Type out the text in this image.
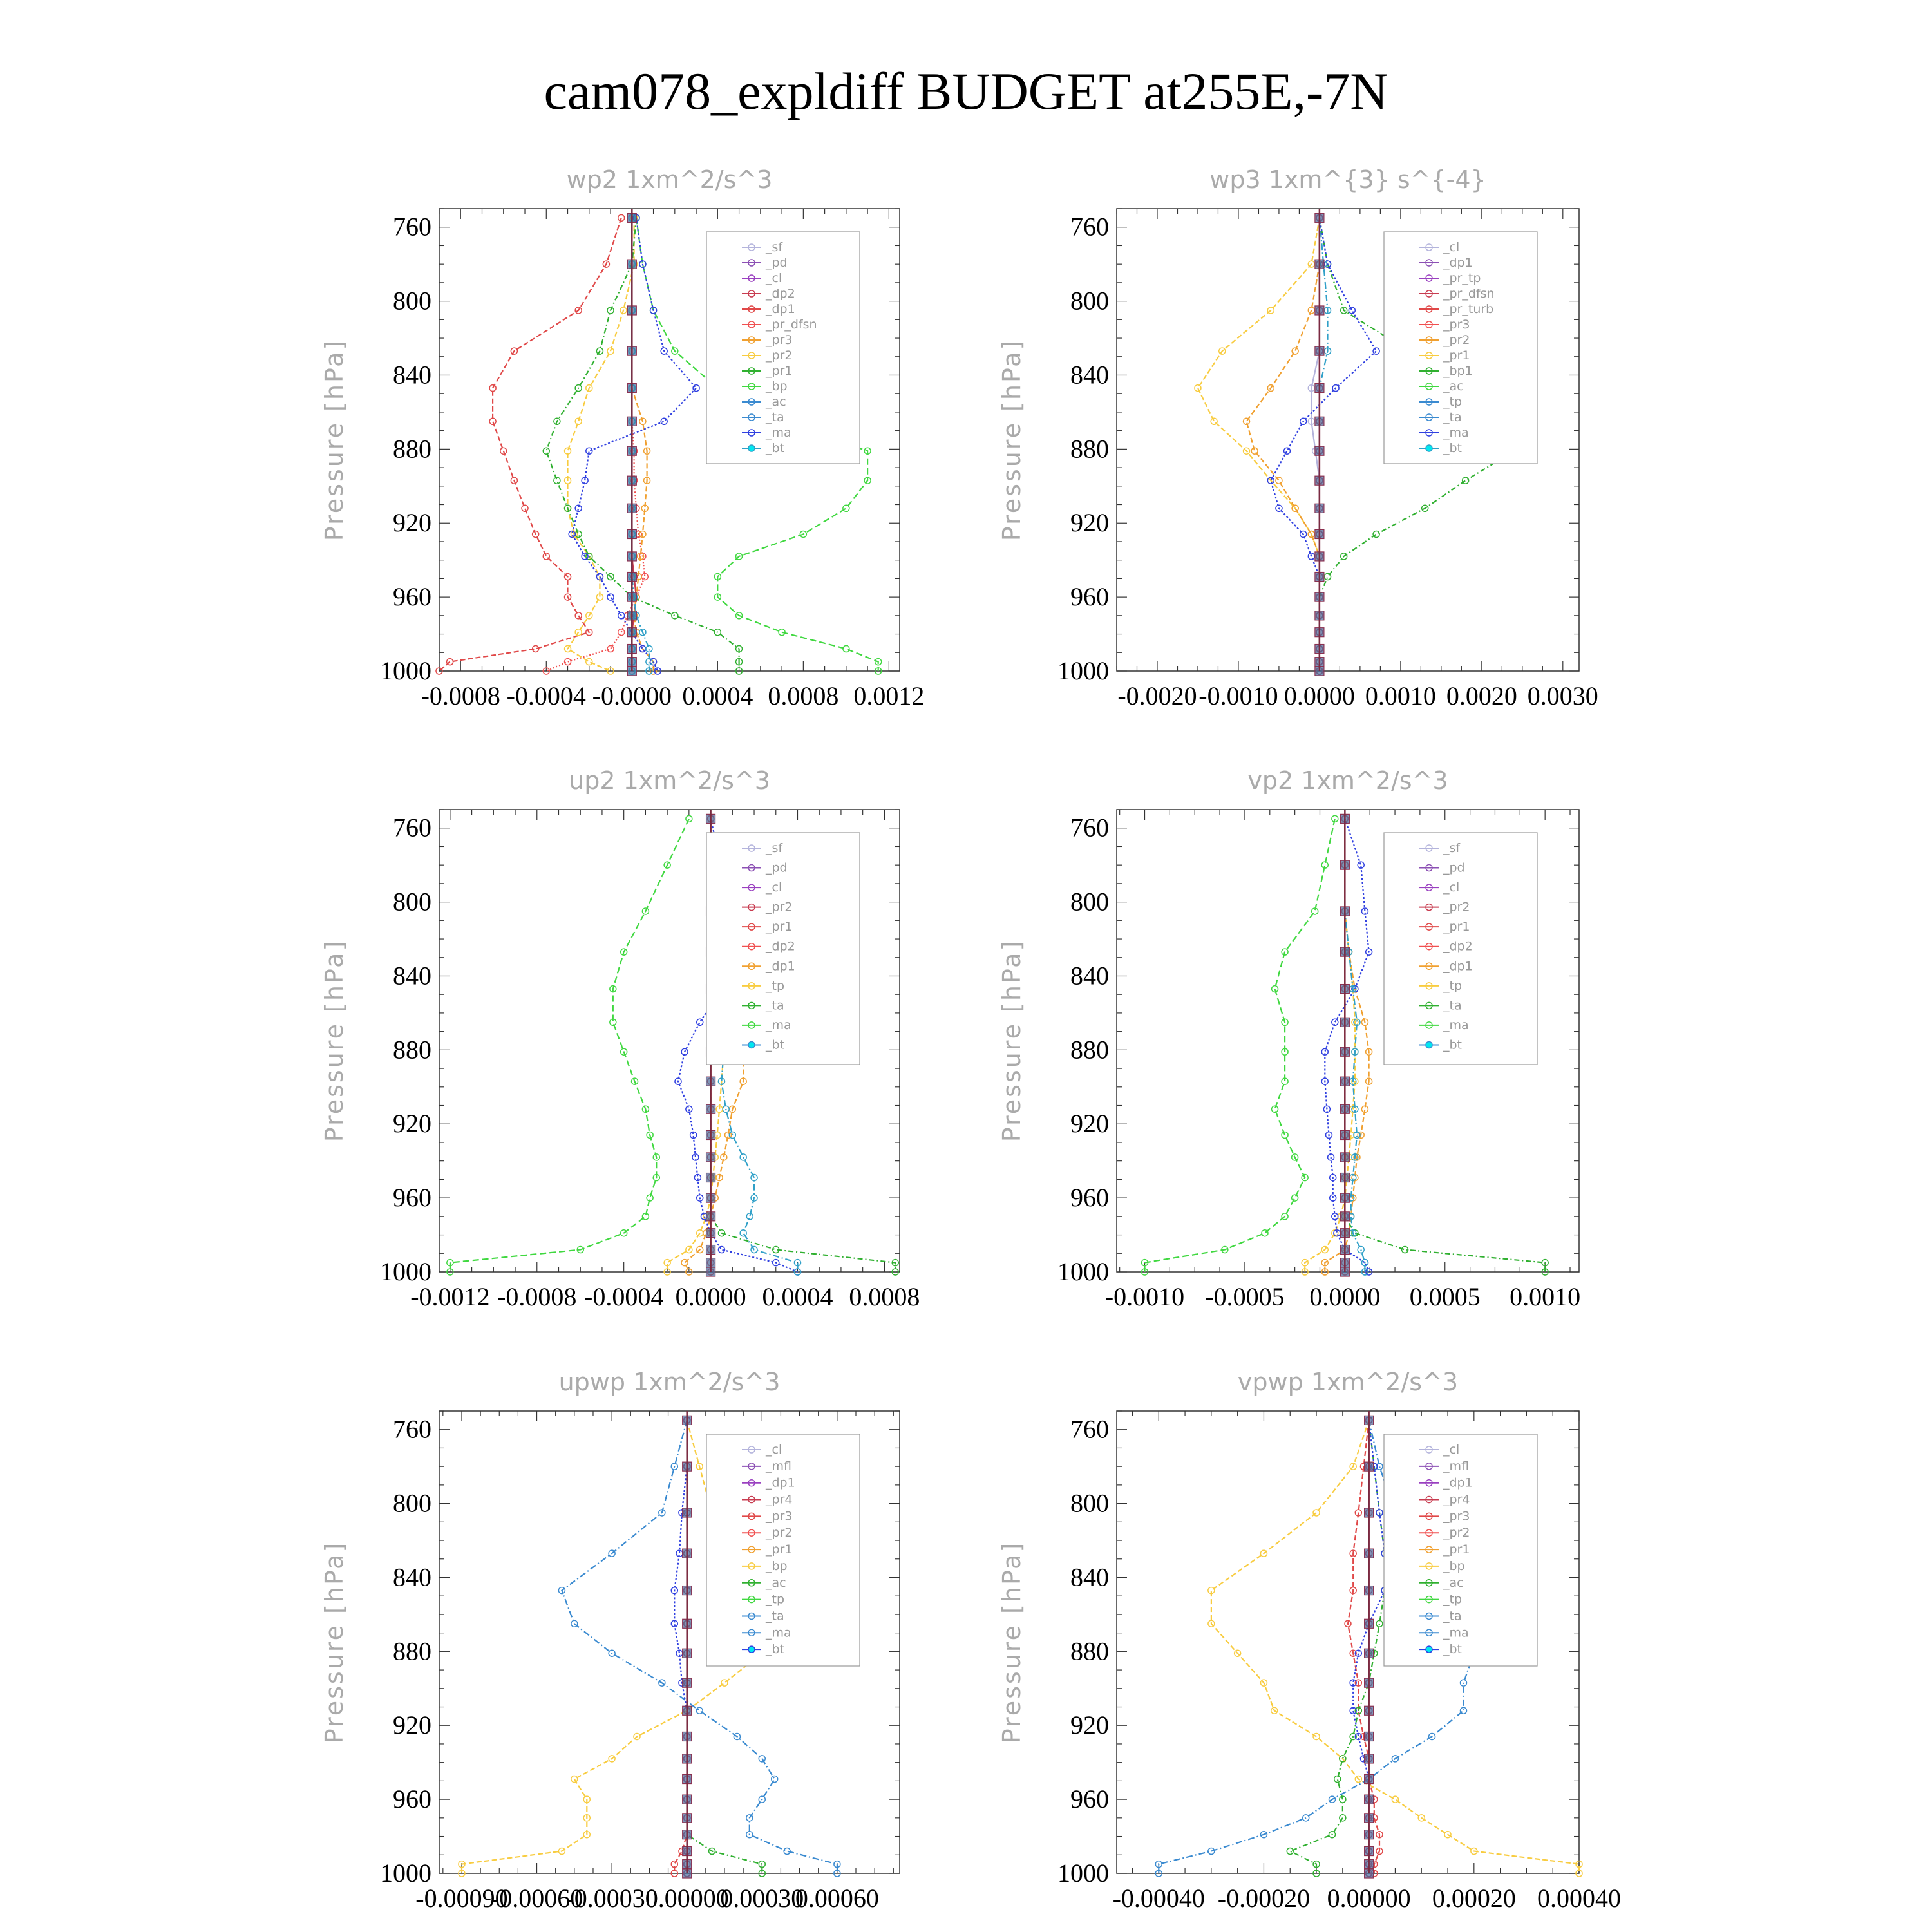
cam078_expldiff BUDGET at255E,-7N
wp2 1xm^2/s^3
Pressure [hPa]
760
800
840
880
920
960
1000
-0.0008 -0.0004 -0.0000 0.0004 0.0008 0.0012
_sf
_pd
_cl
_dp2
_dp1
_pr_dfsn
_pr3
_pr2
_pr1
_bp
_ac
_ta
_ma
_bt
wp3 1xm^{3} s^{-4}
Pressure [hPa]
760
800
840
880
920
960
1000
-0.0020 -0.0010 0.0000 0.0010 0.0020 0.0030
_cl
_dp1
_pr_tp
_pr_dfsn
_pr_turb
_pr3
_pr2
_pr1
_bp1
_ac
_tp
_ta
_ma
_bt
up2 1xm^2/s^3
Pressure [hPa]
760
800
840
880
920
960
1000
-0.0012 -0.0008 -0.0004 0.0000 0.0004 0.0008
_sf
_pd
_cl
_pr2
_pr1
_dp2
_dp1
_tp
_ta
_ma
_bt
vp2 1xm^2/s^3
Pressure [hPa]
760
800
840
880
920
960
1000
-0.0010 -0.0005 0.0000 0.0005 0.0010
_sf
_pd
_cl
_pr2
_pr1
_dp2
_dp1
_tp
_ta
_ma
_bt
upwp 1xm^2/s^3
Pressure [hPa]
760
800
840
880
920
960
1000
-0.00090
-0.00060
-0.00030
0.00000
0.00030
0.00060
_cl
_mfl
_dp1
_pr4
_pr3
_pr2
_pr1
_bp
_ac
_tp
_ta
_ma
_bt
vpwp 1xm^2/s^3
Pressure [hPa]
760
800
840
880
920
960
1000
-0.00040 -0.00020 0.00000 0.00020 0.00040
_cl
_mfl
_dp1
_pr4
_pr3
_pr2
_pr1
_bp
_ac
_tp
_ta
_ma
_bt
